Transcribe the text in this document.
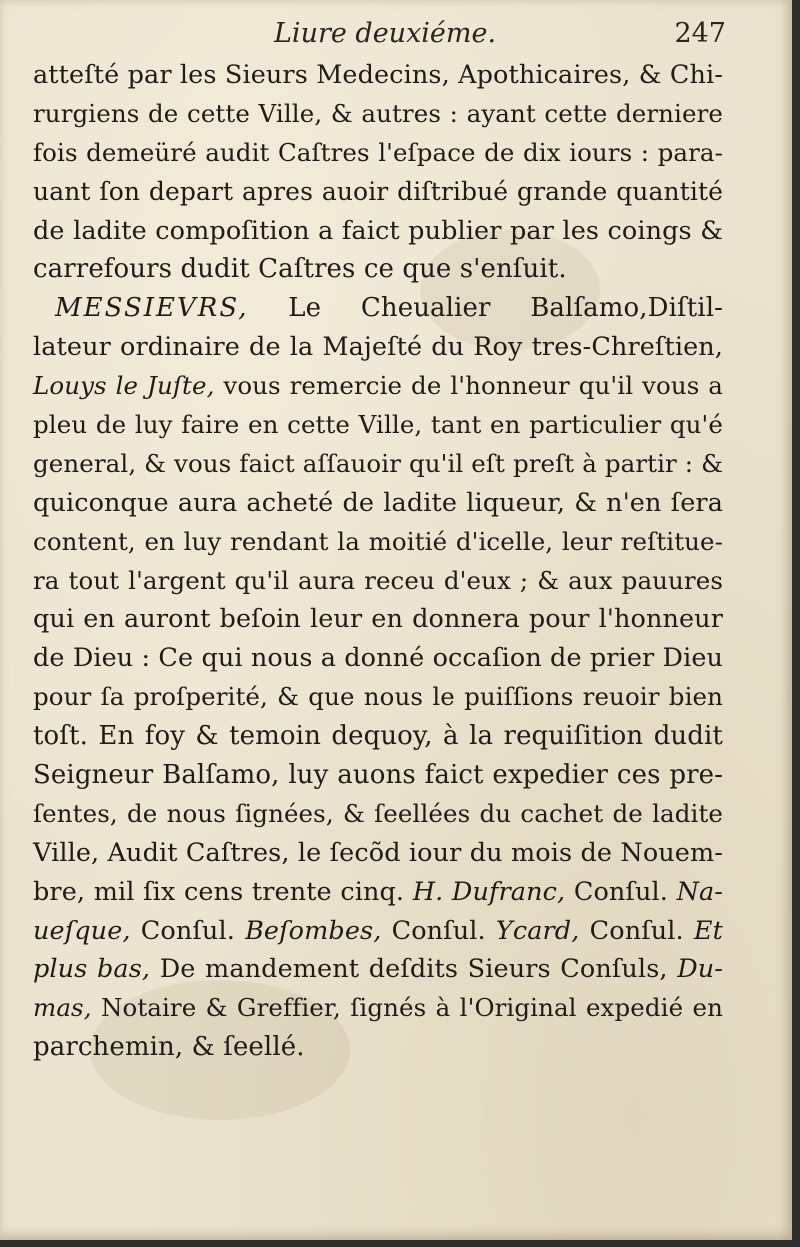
Liure deuxiéme.	247
atteſté par les Sieurs Medecins, Apothicaires, & Chi-
rurgiens de cette Ville, & autres : ayant cette derniere
fois demeüré audit Caſtres l'eſpace de dix iours : para-
uant ſon depart apres auoir diſtribué grande quantité
de ladite compoſition a faict publier par les coings &
carrefours dudit Caſtres ce que s'enſuit.
MESSIEVRS, Le Cheualier Balſamo,Diſtil-
lateur ordinaire de la Majeſté du Roy tres-Chreſtien,
Louys le Juſte, vous remercie de l'honneur qu'il vous a
pleu de luy faire en cette Ville, tant en particulier qu'é
general, & vous faict aſſauoir qu'il eſt preſt à partir : &
quiconque aura acheté de ladite liqueur, & n'en ſera
content, en luy rendant la moitié d'icelle, leur reſtitue-
ra tout l'argent qu'il aura receu d'eux ; & aux pauures
qui en auront beſoin leur en donnera pour l'honneur
de Dieu : Ce qui nous a donné occaſion de prier Dieu
pour ſa proſperité, & que nous le puiſſions reuoir bien
toſt. En foy & temoin dequoy, à la requiſition dudit
Seigneur Balſamo, luy auons faict expedier ces pre-
ſentes, de nous ſignées, & ſeellées du cachet de ladite
Ville, Audit Caſtres, le ſecõd iour du mois de Nouem-
bre, mil ſix cens trente cinq. H. Dufranc, Conſul. Na-
ueſque, Conſul. Beſombes, Conſul. Ycard, Conſul. Et
plus bas, De mandement deſdits Sieurs Conſuls, Du-
mas, Notaire & Greffier, ſignés à l'Original expedié en
parchemin, & ſeellé.
